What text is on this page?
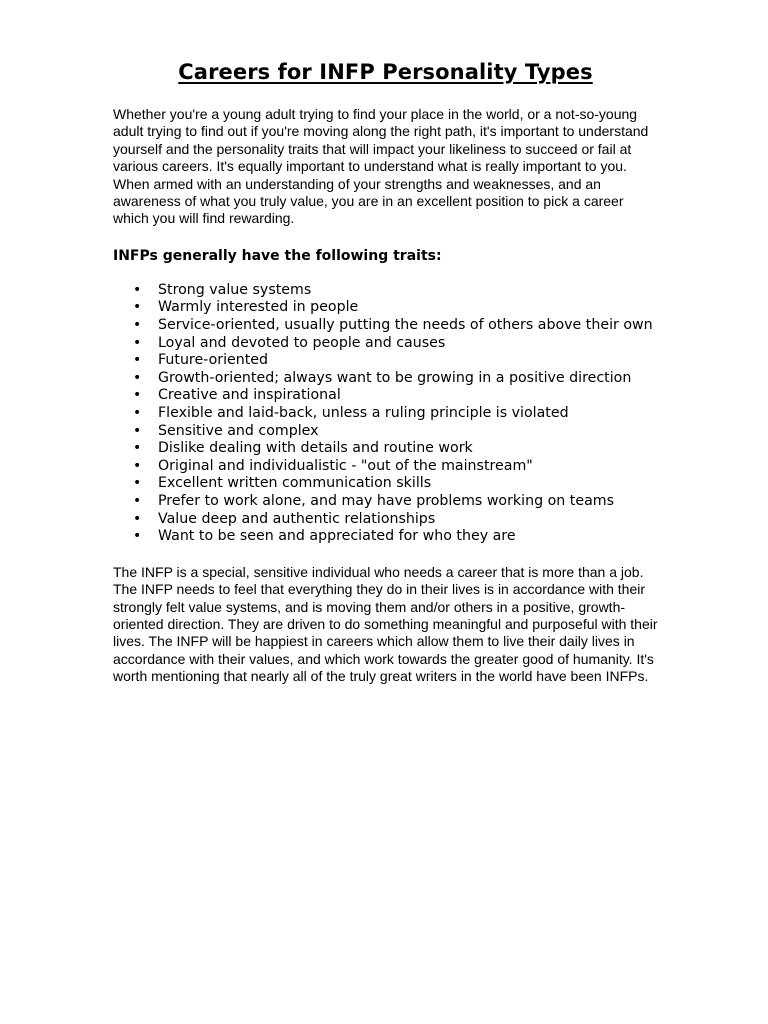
Careers for INFP Personality Types

Whether you're a young adult trying to find your place in the world, or a not-so-young adult trying to find out if you're moving along the right path, it's important to understand yourself and the personality traits that will impact your likeliness to succeed or fail at various careers. It's equally important to understand what is really important to you. When armed with an understanding of your strengths and weaknesses, and an awareness of what you truly value, you are in an excellent position to pick a career which you will find rewarding.

INFPs generally have the following traits:

• Strong value systems
• Warmly interested in people
• Service-oriented, usually putting the needs of others above their own
• Loyal and devoted to people and causes
• Future-oriented
• Growth-oriented; always want to be growing in a positive direction
• Creative and inspirational
• Flexible and laid-back, unless a ruling principle is violated
• Sensitive and complex
• Dislike dealing with details and routine work
• Original and individualistic - "out of the mainstream"
• Excellent written communication skills
• Prefer to work alone, and may have problems working on teams
• Value deep and authentic relationships
• Want to be seen and appreciated for who they are

The INFP is a special, sensitive individual who needs a career that is more than a job. The INFP needs to feel that everything they do in their lives is in accordance with their strongly felt value systems, and is moving them and/or others in a positive, growth-oriented direction. They are driven to do something meaningful and purposeful with their lives. The INFP will be happiest in careers which allow them to live their daily lives in accordance with their values, and which work towards the greater good of humanity. It's worth mentioning that nearly all of the truly great writers in the world have been INFPs.
